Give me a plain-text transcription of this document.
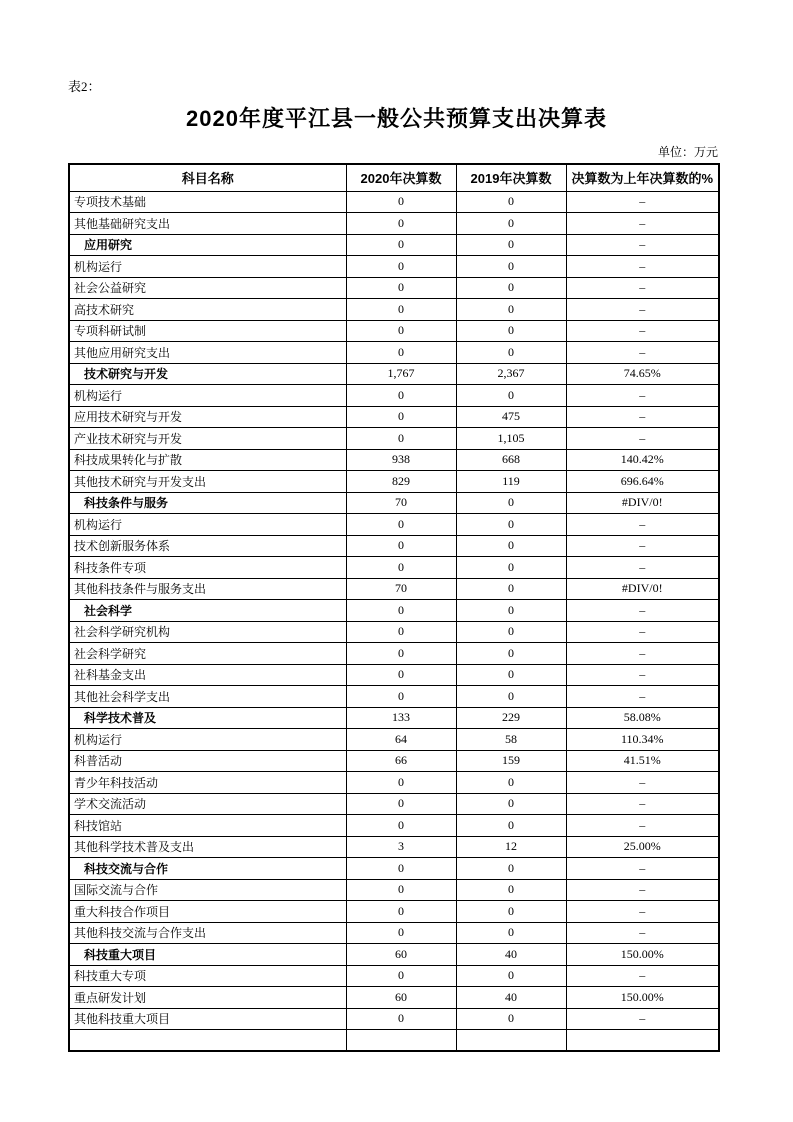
表2：
2020年度平江县一般公共预算支出决算表
单位：万元
科目名称	2020年决算数	2019年决算数	决算数为上年决算数的%
专项技术基础	0	0	–
其他基础研究支出	0	0	–
应用研究	0	0	–
机构运行	0	0	–
社会公益研究	0	0	–
高技术研究	0	0	–
专项科研试制	0	0	–
其他应用研究支出	0	0	–
技术研究与开发	1,767	2,367	74.65%
机构运行	0	0	–
应用技术研究与开发	0	475	–
产业技术研究与开发	0	1,105	–
科技成果转化与扩散	938	668	140.42%
其他技术研究与开发支出	829	119	696.64%
科技条件与服务	70	0	#DIV/0!
机构运行	0	0	–
技术创新服务体系	0	0	–
科技条件专项	0	0	–
其他科技条件与服务支出	70	0	#DIV/0!
社会科学	0	0	–
社会科学研究机构	0	0	–
社会科学研究	0	0	–
社科基金支出	0	0	–
其他社会科学支出	0	0	–
科学技术普及	133	229	58.08%
机构运行	64	58	110.34%
科普活动	66	159	41.51%
青少年科技活动	0	0	–
学术交流活动	0	0	–
科技馆站	0	0	–
其他科学技术普及支出	3	12	25.00%
科技交流与合作	0	0	–
国际交流与合作	0	0	–
重大科技合作项目	0	0	–
其他科技交流与合作支出	0	0	–
科技重大项目	60	40	150.00%
科技重大专项	0	0	–
重点研发计划	60	40	150.00%
其他科技重大项目	0	0	–
